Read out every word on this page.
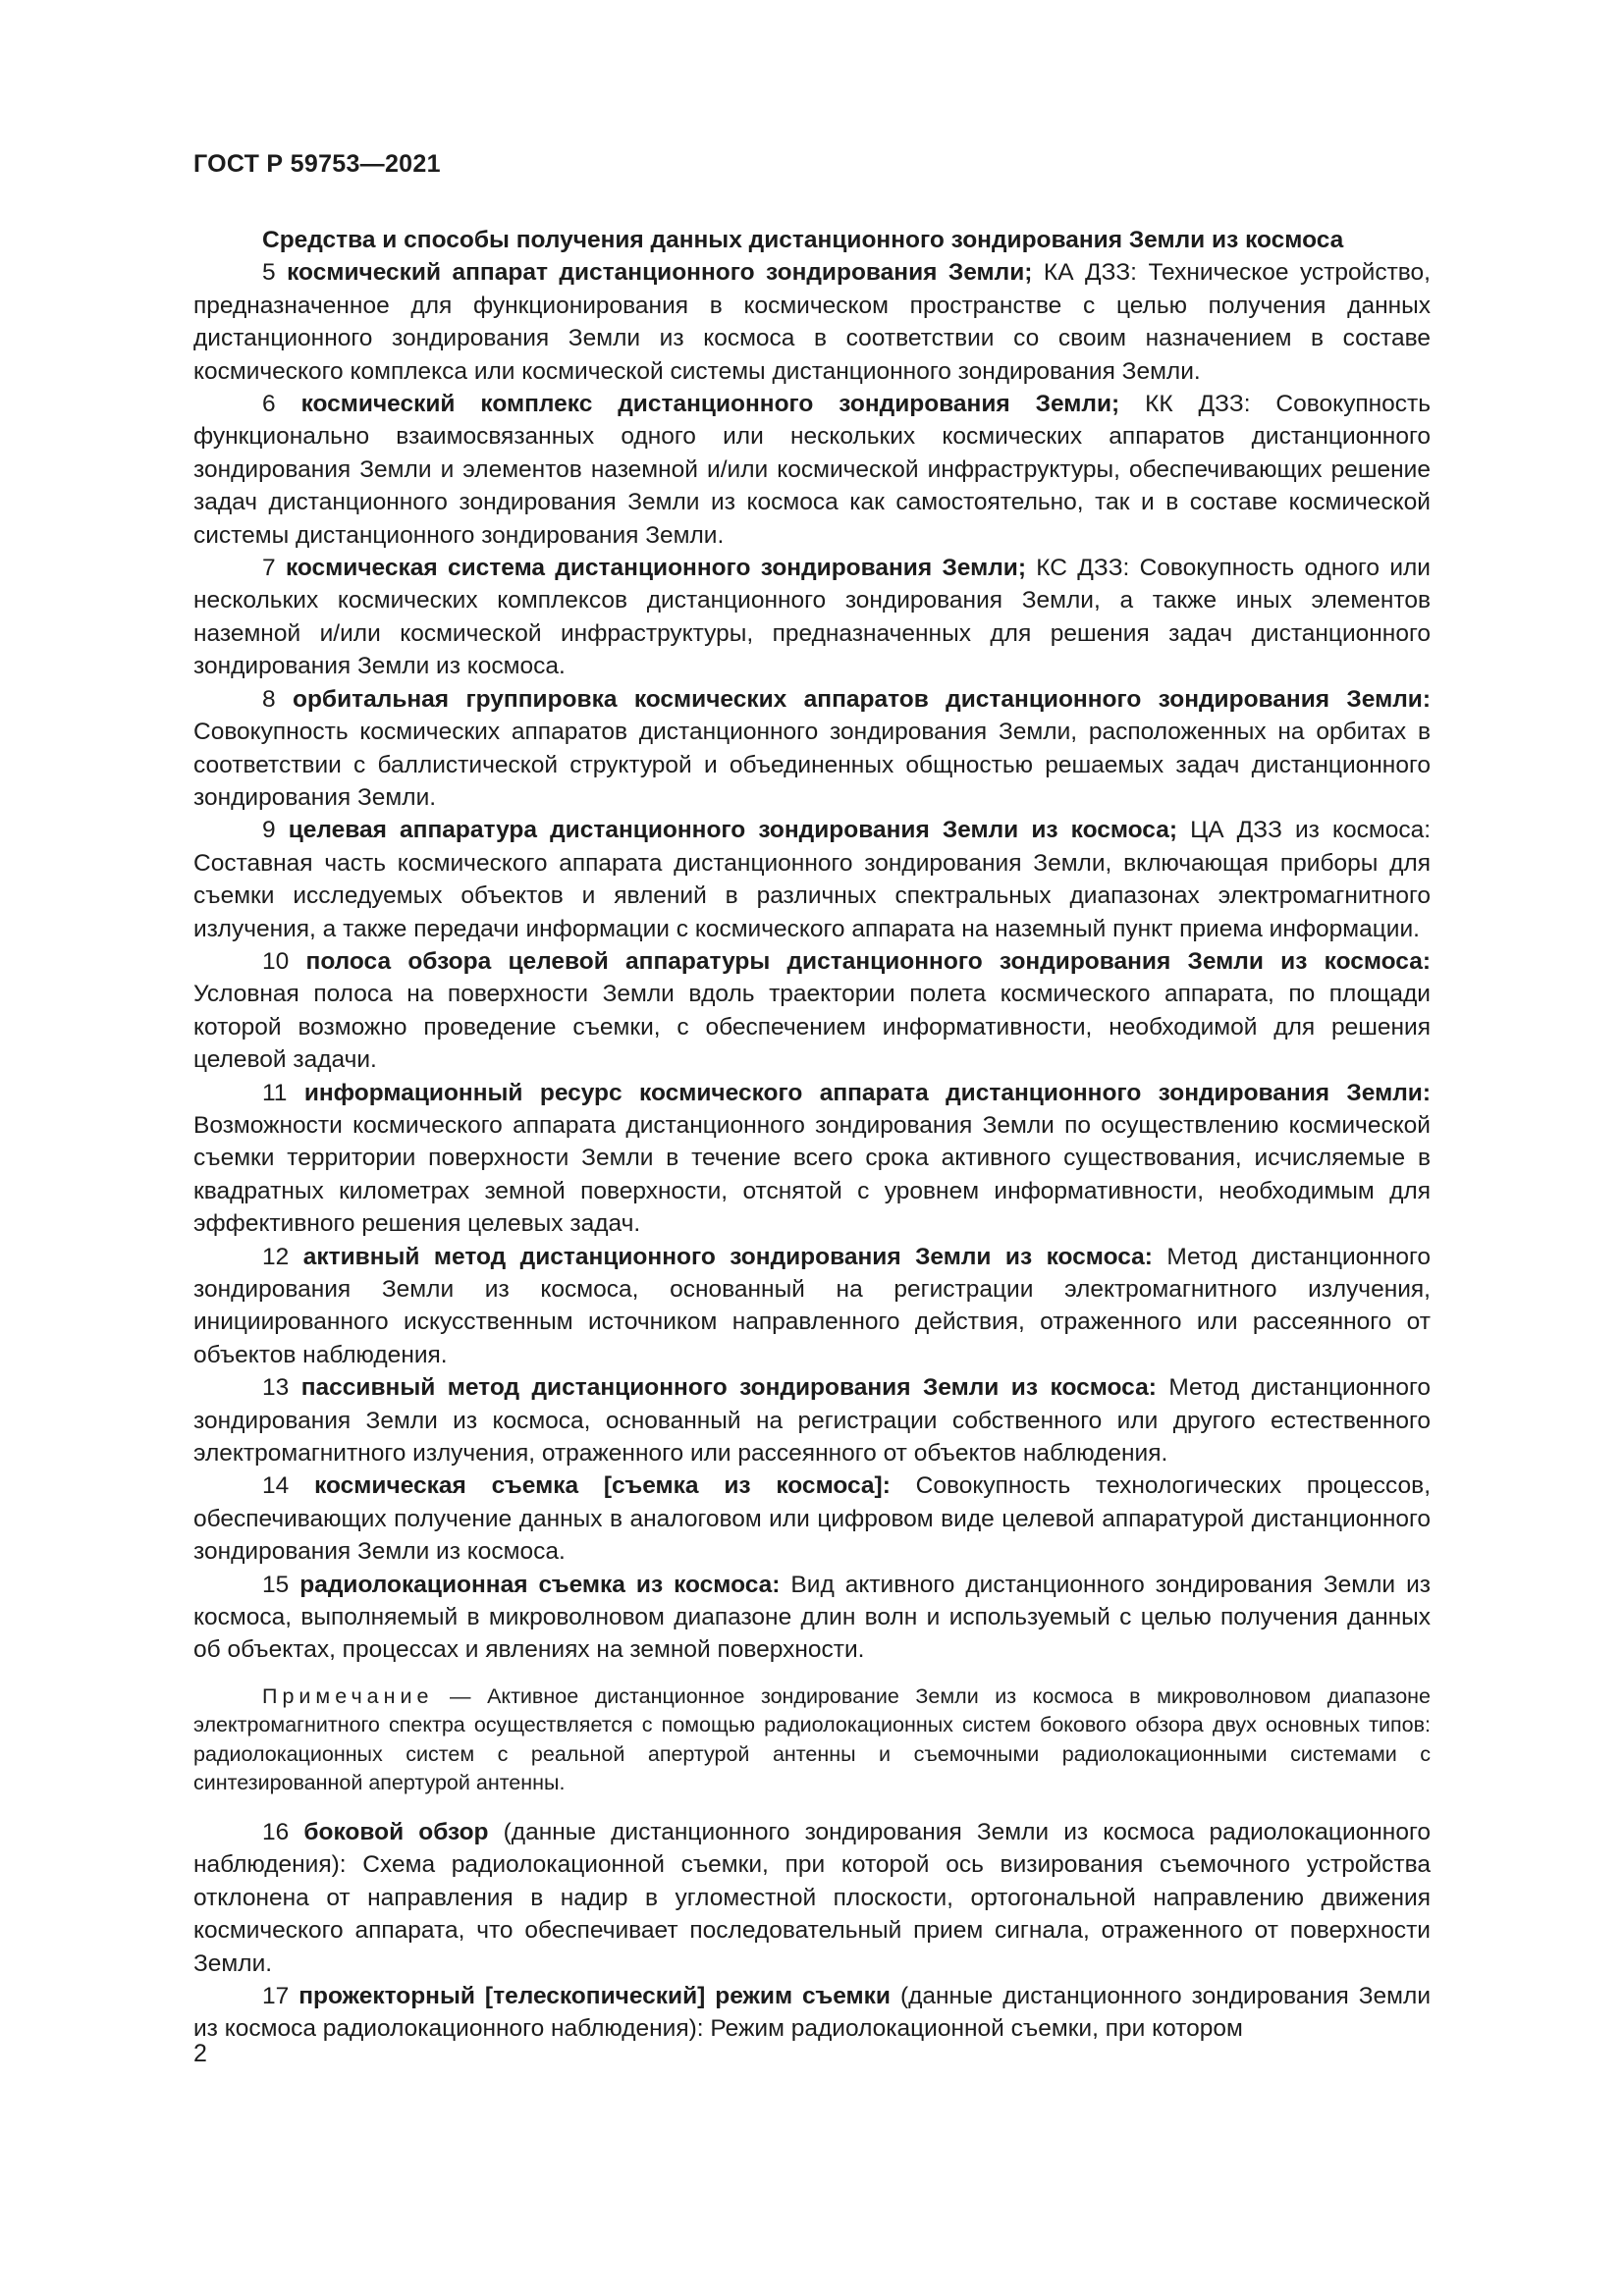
ГОСТ Р 59753—2021

Средства и способы получения данных дистанционного зондирования Земли из космоса

5 космический аппарат дистанционного зондирования Земли; КА ДЗЗ: Техническое устройство, предназначенное для функционирования в космическом пространстве с целью получения данных дистанционного зондирования Земли из космоса в соответствии со своим назначением в составе космического комплекса или космической системы дистанционного зондирования Земли.

6 космический комплекс дистанционного зондирования Земли; КК ДЗЗ: Совокупность функционально взаимосвязанных одного или нескольких космических аппаратов дистанционного зондирования Земли и элементов наземной и/или космической инфраструктуры, обеспечивающих решение задач дистанционного зондирования Земли из космоса как самостоятельно, так и в составе космической системы дистанционного зондирования Земли.

7 космическая система дистанционного зондирования Земли; КС ДЗЗ: Совокупность одного или нескольких космических комплексов дистанционного зондирования Земли, а также иных элементов наземной и/или космической инфраструктуры, предназначенных для решения задач дистанционного зондирования Земли из космоса.

8 орбитальная группировка космических аппаратов дистанционного зондирования Земли: Совокупность космических аппаратов дистанционного зондирования Земли, расположенных на орбитах в соответствии с баллистической структурой и объединенных общностью решаемых задач дистанционного зондирования Земли.

9 целевая аппаратура дистанционного зондирования Земли из космоса; ЦА ДЗЗ из космоса: Составная часть космического аппарата дистанционного зондирования Земли, включающая приборы для съемки исследуемых объектов и явлений в различных спектральных диапазонах электромагнитного излучения, а также передачи информации с космического аппарата на наземный пункт приема информации.

10 полоса обзора целевой аппаратуры дистанционного зондирования Земли из космоса: Условная полоса на поверхности Земли вдоль траектории полета космического аппарата, по площади которой возможно проведение съемки, с обеспечением информативности, необходимой для решения целевой задачи.

11 информационный ресурс космического аппарата дистанционного зондирования Земли: Возможности космического аппарата дистанционного зондирования Земли по осуществлению космической съемки территории поверхности Земли в течение всего срока активного существования, исчисляемые в квадратных километрах земной поверхности, отснятой с уровнем информативности, необходимым для эффективного решения целевых задач.

12 активный метод дистанционного зондирования Земли из космоса: Метод дистанционного зондирования Земли из космоса, основанный на регистрации электромагнитного излучения, инициированного искусственным источником направленного действия, отраженного или рассеянного от объектов наблюдения.

13 пассивный метод дистанционного зондирования Земли из космоса: Метод дистанционного зондирования Земли из космоса, основанный на регистрации собственного или другого естественного электромагнитного излучения, отраженного или рассеянного от объектов наблюдения.

14 космическая съемка [съемка из космоса]: Совокупность технологических процессов, обеспечивающих получение данных в аналоговом или цифровом виде целевой аппаратурой дистанционного зондирования Земли из космоса.

15 радиолокационная съемка из космоса: Вид активного дистанционного зондирования Земли из космоса, выполняемый в микроволновом диапазоне длин волн и используемый с целью получения данных об объектах, процессах и явлениях на земной поверхности.

Примечание — Активное дистанционное зондирование Земли из космоса в микроволновом диапазоне электромагнитного спектра осуществляется с помощью радиолокационных систем бокового обзора двух основных типов: радиолокационных систем с реальной апертурой антенны и съемочными радиолокационными системами с синтезированной апертурой антенны.

16 боковой обзор (данные дистанционного зондирования Земли из космоса радиолокационного наблюдения): Схема радиолокационной съемки, при которой ось визирования съемочного устройства отклонена от направления в надир в угломестной плоскости, ортогональной направлению движения космического аппарата, что обеспечивает последовательный прием сигнала, отраженного от поверхности Земли.

17 прожекторный [телескопический] режим съемки (данные дистанционного зондирования Земли из космоса радиолокационного наблюдения): Режим радиолокационной съемки, при котором

2
